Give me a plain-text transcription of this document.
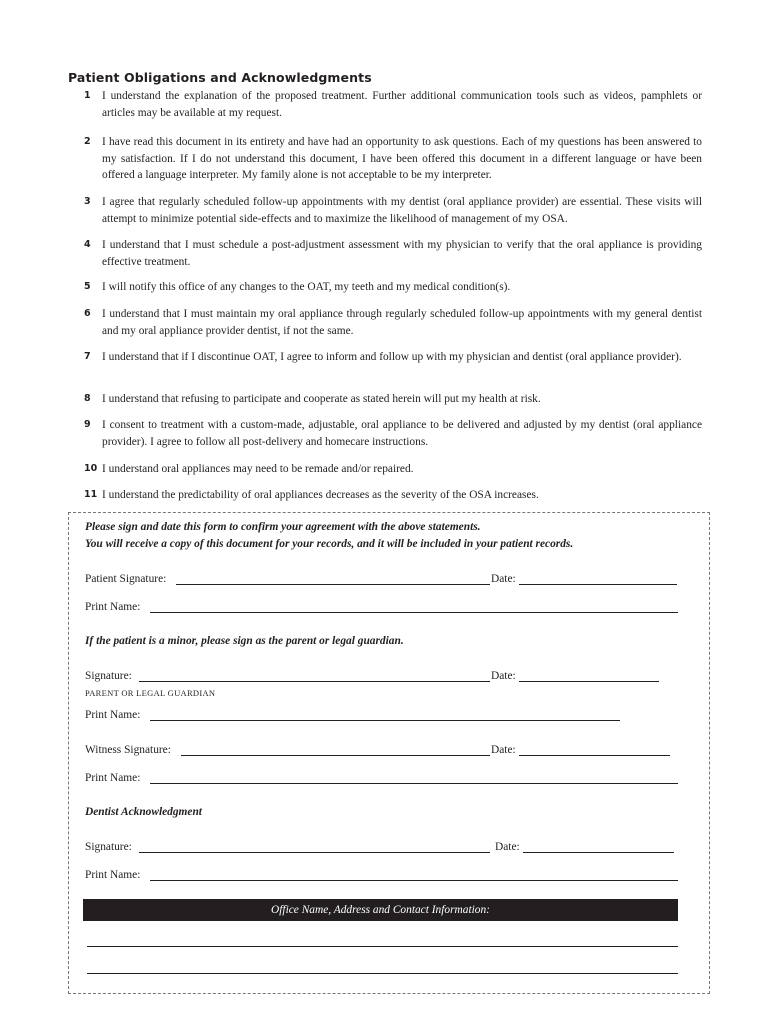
Patient Obligations and Acknowledgments
1 I understand the explanation of the proposed treatment. Further additional communication tools such as videos, pamphlets or articles may be available at my request.
2 I have read this document in its entirety and have had an opportunity to ask questions. Each of my questions has been answered to my satisfaction. If I do not understand this document, I have been offered this document in a different language or have been offered a language interpreter. My family alone is not acceptable to be my interpreter.
3 I agree that regularly scheduled follow-up appointments with my dentist (oral appliance provider) are essential. These visits will attempt to minimize potential side-effects and to maximize the likelihood of management of my OSA.
4 I understand that I must schedule a post-adjustment assessment with my physician to verify that the oral appliance is providing effective treatment.
5 I will notify this office of any changes to the OAT, my teeth and my medical condition(s).
6 I understand that I must maintain my oral appliance through regularly scheduled follow-up appointments with my general dentist and my oral appliance provider dentist, if not the same.
7 I understand that if I discontinue OAT, I agree to inform and follow up with my physician and dentist (oral appliance provider).
8 I understand that refusing to participate and cooperate as stated herein will put my health at risk.
9 I consent to treatment with a custom-made, adjustable, oral appliance to be delivered and adjusted by my dentist (oral appliance provider). I agree to follow all post-delivery and homecare instructions.
10 I understand oral appliances may need to be remade and/or repaired.
11 I understand the predictability of oral appliances decreases as the severity of the OSA increases.
Please sign and date this form to confirm your agreement with the above statements.
You will receive a copy of this document for your records, and it will be included in your patient records.
Patient Signature:	Date:
Print Name:
If the patient is a minor, please sign as the parent or legal guardian.
Signature:	Date:
PARENT OR LEGAL GUARDIAN
Print Name:
Witness Signature:	Date:
Print Name:
Dentist Acknowledgment
Signature:	Date:
Print Name:
Office Name, Address and Contact Information:
